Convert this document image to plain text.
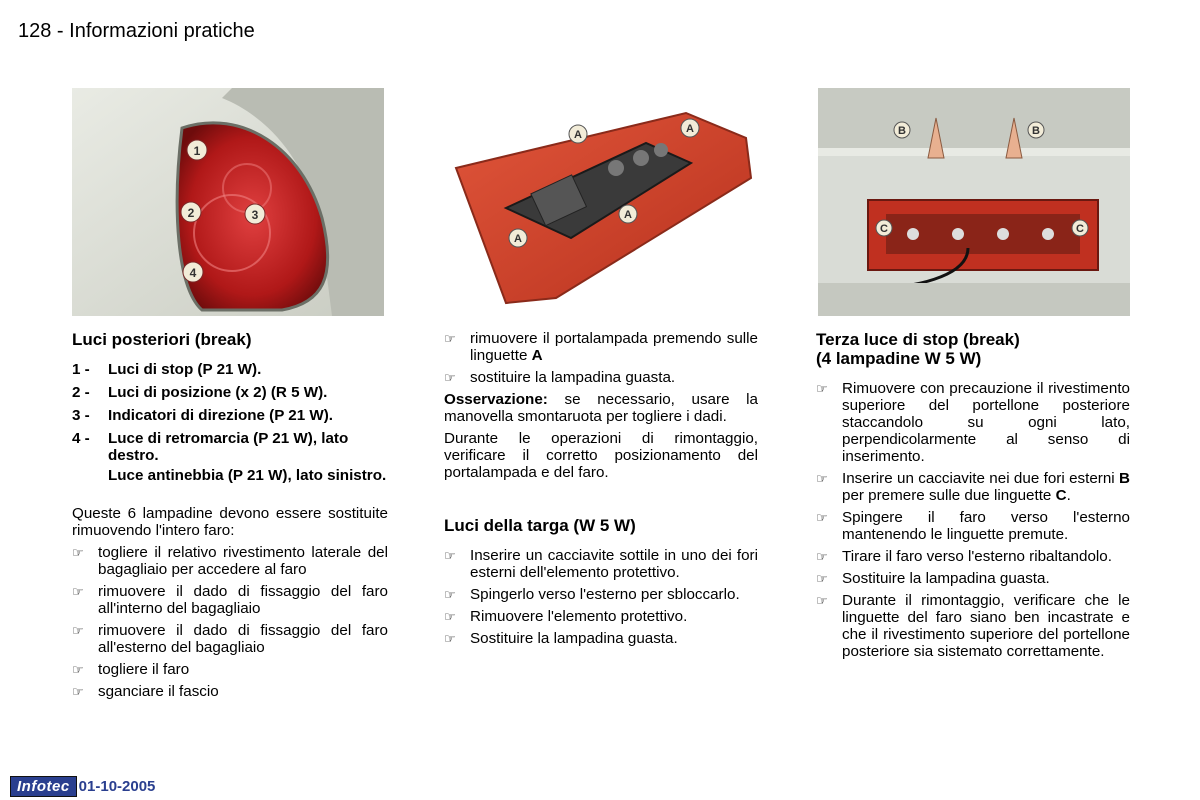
128 - Informazioni pratiche
1
2	3
4
A	A
A
A
B	B
C	C
Luci posteriori (break)
1 -	Luci di stop (P 21 W).
2 -	Luci di posizione (x 2) (R 5 W).
3 -	Indicatori di direzione (P 21 W).
4 -	Luce di retromarcia (P 21 W), lato destro.
Luce antinebbia (P 21 W), lato sinistro.

Queste 6 lampadine devono essere sostituite rimuovendo l'intero faro:

☞ togliere il relativo rivestimento laterale del bagagliaio per accedere al faro
☞ rimuovere il dado di fissaggio del faro all'interno del bagagliaio
☞ rimuovere il dado di fissaggio del faro all'esterno del bagagliaio
☞ togliere il faro
☞ sganciare il fascio
☞ rimuovere il portalampada premendo sulle linguette A
☞ sostituire la lampadina guasta.

Osservazione: se necessario, usare la manovella smontaruota per togliere i dadi.

Durante le operazioni di rimontaggio, verificare il corretto posizionamento del portalampada e del faro.

Luci della targa (W 5 W)
☞ Inserire un cacciavite sottile in uno dei fori esterni dell'elemento protettivo.
☞ Spingerlo verso l'esterno per sbloccarlo.
☞ Rimuovere l'elemento protettivo.
☞ Sostituire la lampadina guasta.
Terza luce di stop (break)
(4 lampadine W 5 W)
☞ Rimuovere con precauzione il rivestimento superiore del portellone posteriore staccandolo su ogni lato, perpendicolarmente al senso di inserimento.
☞ Inserire un cacciavite nei due fori esterni B per premere sulle due linguette C.
☞ Spingere il faro verso l'esterno mantenendo le linguette premute.
☞ Tirare il faro verso l'esterno ribaltandolo.
☞ Sostituire la lampadina guasta.
☞ Durante il rimontaggio, verificare che le linguette del faro siano ben incastrate e che il rivestimento superiore del portellone posteriore sia sistemato correttamente.
Infotec 01-10-2005
